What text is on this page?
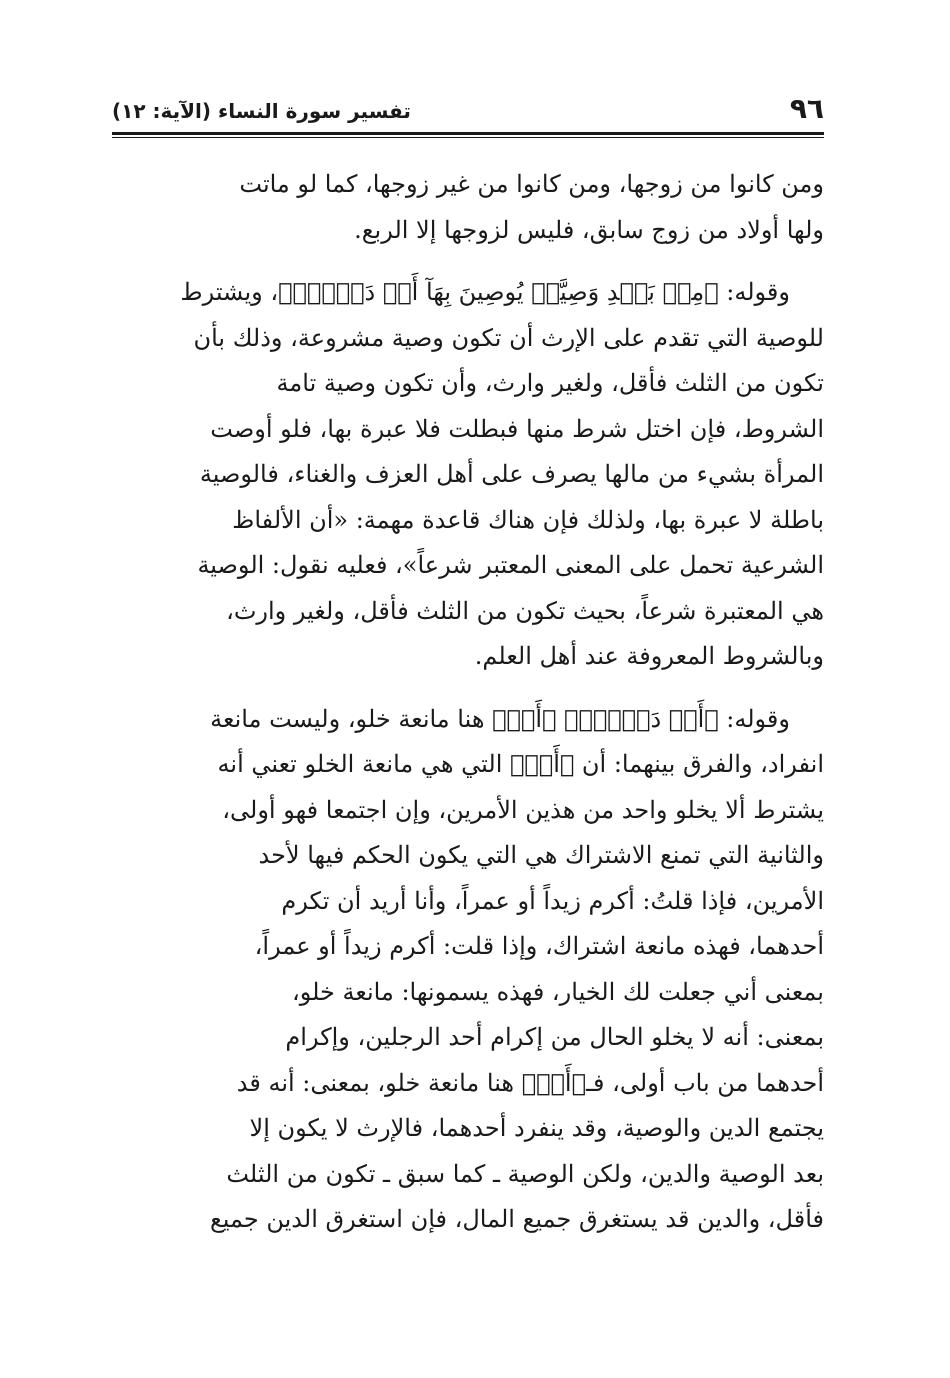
٩٦
تفسير سورة النساء (الآية: ١٢)

ومن كانوا من زوجها، ومن كانوا من غير زوجها، كما لو ماتت

ولها أولاد من زوج سابق، فليس لزوجها إلا الربع.

وقوله: ﴿مِنۢ بَعۡدِ وَصِيَّةٖ يُوصِينَ بِهَآ أَوۡ دَيۡنٖۚ﴾، ويشترط

للوصية التي تقدم على الإرث أن تكون وصية مشروعة، وذلك بأن

تكون من الثلث فأقل، ولغير وارث، وأن تكون وصية تامة

الشروط، فإن اختل شرط منها فبطلت فلا عبرة بها، فلو أوصت

المرأة بشيء من مالها يصرف على أهل العزف والغناء، فالوصية

باطلة لا عبرة بها، ولذلك فإن هناك قاعدة مهمة: «أن الألفاظ

الشرعية تحمل على المعنى المعتبر شرعاً»، فعليه نقول: الوصية

هي المعتبرة شرعاً، بحيث تكون من الثلث فأقل، ولغير وارث،

وبالشروط المعروفة عند أهل العلم.

وقوله: ﴿أَوۡ دَيۡنٖۚ﴾ ﴿أَوۡ﴾ هنا مانعة خلو، وليست مانعة

انفراد، والفرق بينهما: أن ﴿أَوۡ﴾ التي هي مانعة الخلو تعني أنه

يشترط ألا يخلو واحد من هذين الأمرين، وإن اجتمعا فهو أولى،

والثانية التي تمنع الاشتراك هي التي يكون الحكم فيها لأحد

الأمرين، فإذا قلتُ: أكرم زيداً أو عمراً، وأنا أريد أن تكرم

أحدهما، فهذه مانعة اشتراك، وإذا قلت: أكرم زيداً أو عمراً،

بمعنى أني جعلت لك الخيار، فهذه يسمونها: مانعة خلو،

بمعنى: أنه لا يخلو الحال من إكرام أحد الرجلين، وإكرام

أحدهما من باب أولى، فـ﴿أَوۡ﴾ هنا مانعة خلو، بمعنى: أنه قد

يجتمع الدين والوصية، وقد ينفرد أحدهما، فالإرث لا يكون إلا

بعد الوصية والدين، ولكن الوصية ـ كما سبق ـ تكون من الثلث

فأقل، والدين قد يستغرق جميع المال، فإن استغرق الدين جميع
